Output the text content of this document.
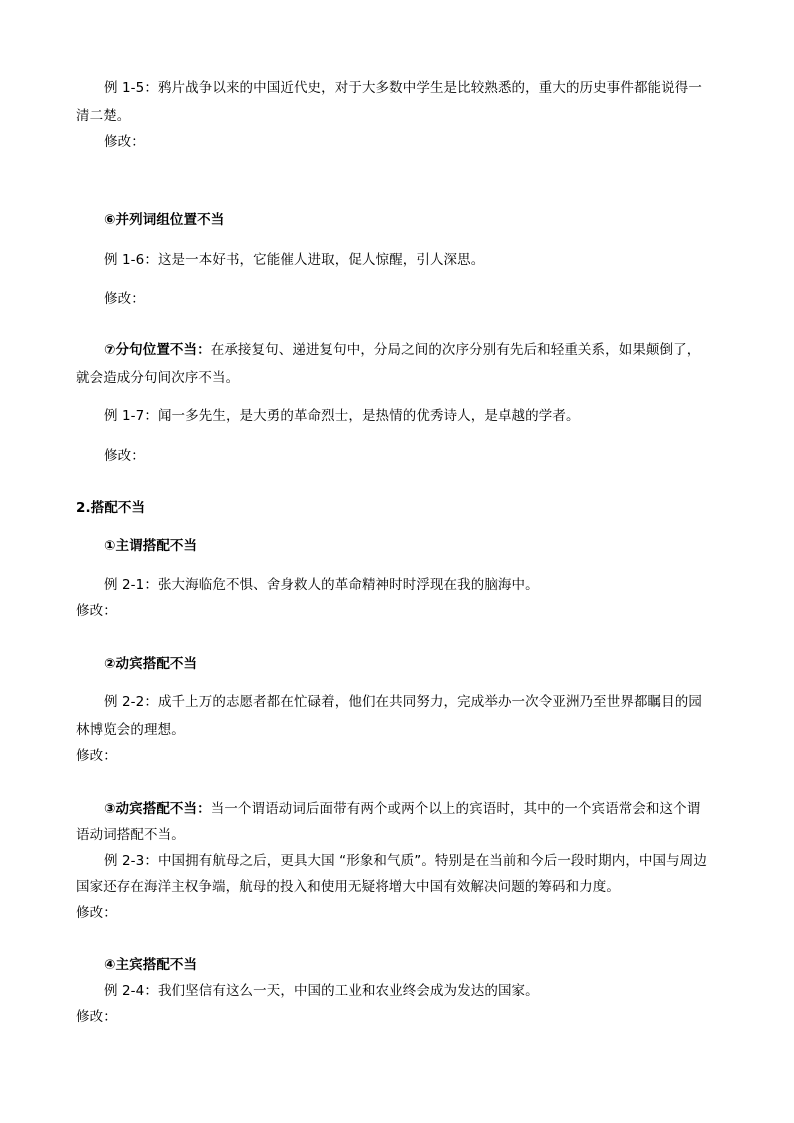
例 1-5：鸦片战争以来的中国近代史，对于大多数中学生是比较熟悉的，重大的历史事件都能说得一
清二楚。
修改：
⑥并列词组位置不当
例 1-6：这是一本好书，它能催人进取，促人惊醒，引人深思。
修改：
⑦分句位置不当：在承接复句、递进复句中，分局之间的次序分别有先后和轻重关系，如果颠倒了，
就会造成分句间次序不当。
例 1-7：闻一多先生，是大勇的革命烈士，是热情的优秀诗人，是卓越的学者。
修改：
2.搭配不当
①主谓搭配不当
例 2-1：张大海临危不惧、舍身救人的革命精神时时浮现在我的脑海中。
修改：
②动宾搭配不当
例 2-2：成千上万的志愿者都在忙碌着，他们在共同努力，完成举办一次令亚洲乃至世界都瞩目的园
林博览会的理想。
修改：
③动宾搭配不当：当一个谓语动词后面带有两个或两个以上的宾语时，其中的一个宾语常会和这个谓
语动词搭配不当。
例 2-3：中国拥有航母之后，更具大国 “形象和气质”。特别是在当前和今后一段时期内，中国与周边
国家还存在海洋主权争端，航母的投入和使用无疑将增大中国有效解决问题的筹码和力度。
修改：
④主宾搭配不当
例 2-4：我们坚信有这么一天，中国的工业和农业终会成为发达的国家。
修改：
